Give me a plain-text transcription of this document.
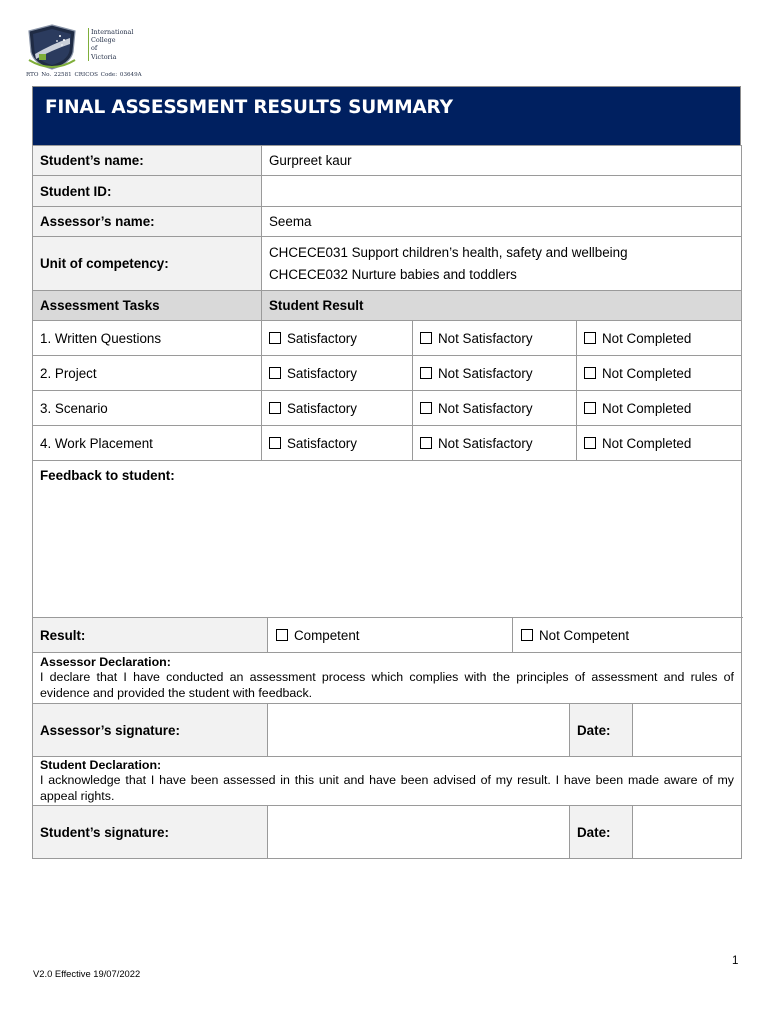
International
College
of
Victoria
RTO No. 22581 CRICOS Code: 03649A
FINAL ASSESSMENT RESULTS SUMMARY
Student’s name:	Gurpreet kaur		
Student ID:			
Assessor’s name:	Seema		
Unit of competency:	CHCECE031 Support children’s health, safety and wellbeing
CHCECE032 Nurture babies and toddlers		

Assessment Tasks	Student Result		
1. Written Questions	Satisfactory	Not Satisfactory	Not Completed
2. Project	Satisfactory	Not Satisfactory	Not Completed
3. Scenario	Satisfactory	Not Satisfactory	Not Completed
4. Work Placement	Satisfactory	Not Satisfactory	Not Completed
Feedback to student:			
Result:	Competent Not Competent		

Assessor Declaration:
I declare that I have conducted an assessment process which complies with the principles of assessment and rules of evidence and provided the student with feedback.			

Assessor’s signature:		Date:	

Student Declaration:
I acknowledge that I have been assessed in this unit and have been advised of my result. I have been made aware of my appeal rights.			

Student’s signature:		Date:	
1
V2.0 Effective 19/07/2022
